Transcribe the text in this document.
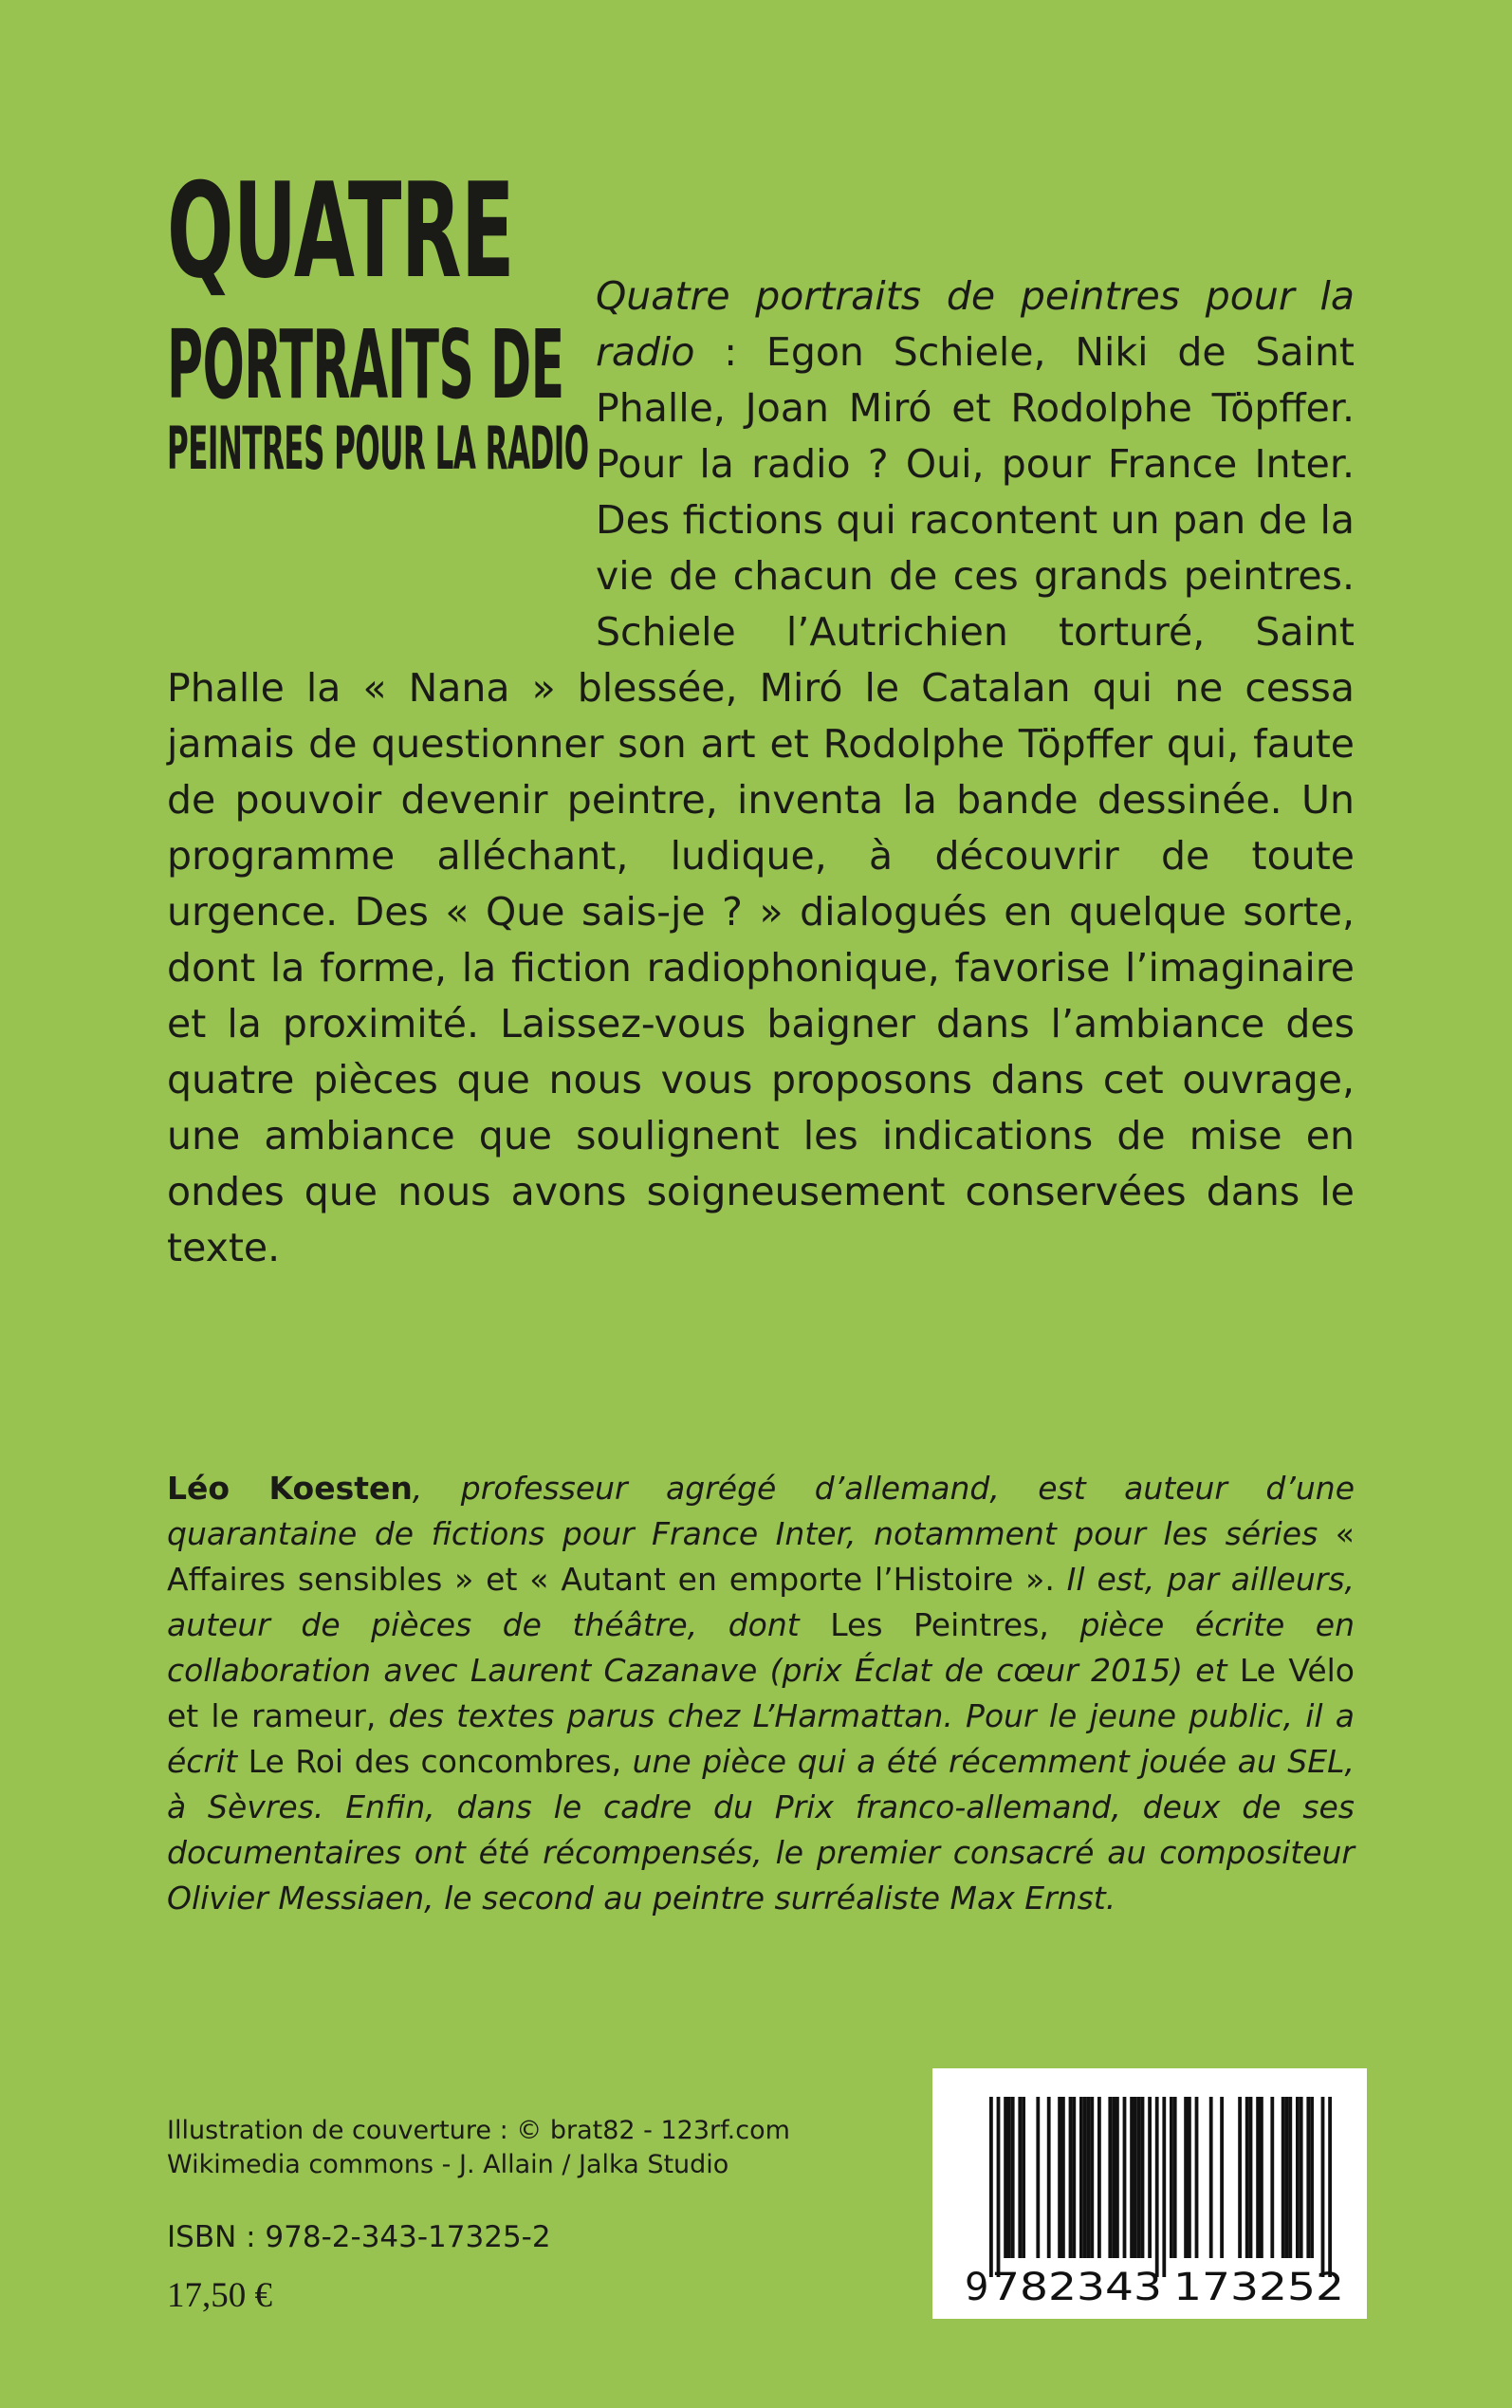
QUATRE
PORTRAITS DE
PEINTRES POUR LA RADIO

Quatre portraits de peintres pour la radio : Egon Schiele, Niki de Saint Phalle, Joan Miró et Rodolphe Töpffer. Pour la radio ? Oui, pour France Inter. Des fictions qui racontent un pan de la vie de chacun de ces grands peintres. Schiele l’Autrichien torturé, Saint Phalle la « Nana » blessée, Miró le Catalan qui ne cessa jamais de questionner son art et Rodolphe Töpffer qui, faute de pouvoir devenir peintre, inventa la bande dessinée. Un programme alléchant, ludique, à découvrir de toute urgence. Des « Que sais-je ? » dialogués en quelque sorte, dont la forme, la fiction radiophonique, favorise l’imaginaire et la proximité. Laissez-vous baigner dans l’ambiance des quatre pièces que nous vous proposons dans cet ouvrage, une ambiance que soulignent les indications de mise en ondes que nous avons soigneusement conservées dans le texte.

Léo Koesten, professeur agrégé d’allemand, est auteur d’une quarantaine de fictions pour France Inter, notamment pour les séries « Affaires sensibles » et « Autant en emporte l’Histoire ». Il est, par ailleurs, auteur de pièces de théâtre, dont Les Peintres, pièce écrite en collaboration avec Laurent Cazanave (prix Éclat de cœur 2015) et Le Vélo et le rameur, des textes parus chez L’Harmattan. Pour le jeune public, il a écrit Le Roi des concombres, une pièce qui a été récemment jouée au SEL, à Sèvres. Enfin, dans le cadre du Prix franco-allemand, deux de ses documentaires ont été récompensés, le premier consacré au compositeur Olivier Messiaen, le second au peintre surréaliste Max Ernst.

Illustration de couverture : © brat82 - 123rf.com
Wikimedia commons - J. Allain / Jalka Studio
ISBN : 978-2-343-17325-2
17,50 €	9 782343 173252
